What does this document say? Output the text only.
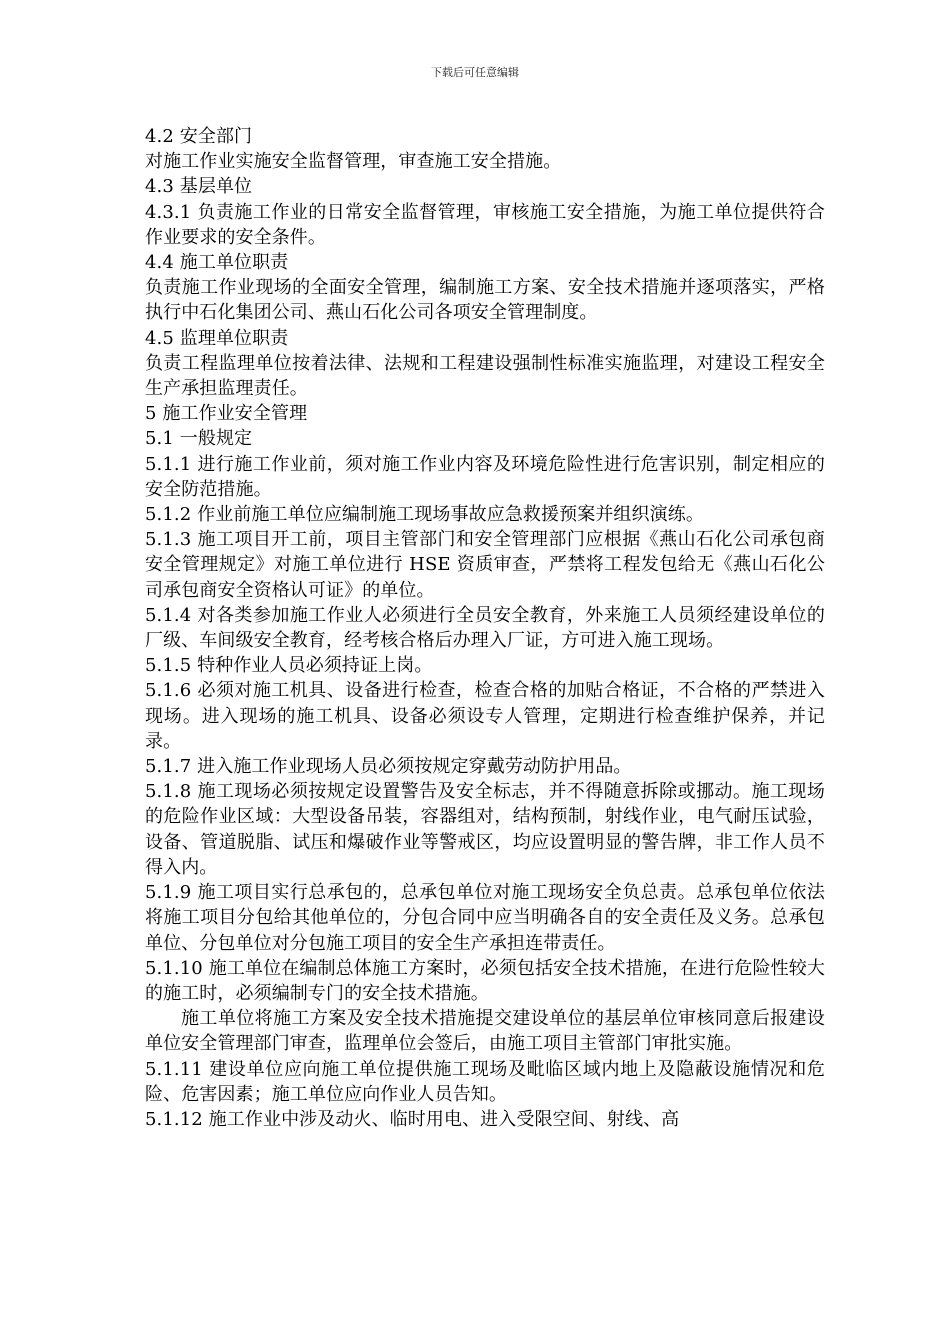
下载后可任意编辑

4.2 安全部门

对施工作业实施安全监督管理，审查施工安全措施。

4.3 基层单位

4.3.1 负责施工作业的日常安全监督管理，审核施工安全措施，为施工单位提供符合作业要求的安全条件。

4.4 施工单位职责

负责施工作业现场的全面安全管理，编制施工方案、安全技术措施并逐项落实，严格执行中石化集团公司、燕山石化公司各项安全管理制度。

4.5 监理单位职责

负责工程监理单位按着法律、法规和工程建设强制性标准实施监理，对建设工程安全生产承担监理责任。

5 施工作业安全管理

5.1 一般规定

5.1.1 进行施工作业前，须对施工作业内容及环境危险性进行危害识别，制定相应的安全防范措施。

5.1.2 作业前施工单位应编制施工现场事故应急救援预案并组织演练。

5.1.3 施工项目开工前，项目主管部门和安全管理部门应根据《燕山石化公司承包商安全管理规定》对施工单位进行 HSE 资质审查，严禁将工程发包给无《燕山石化公司承包商安全资格认可证》的单位。

5.1.4 对各类参加施工作业人必须进行全员安全教育，外来施工人员须经建设单位的厂级、车间级安全教育，经考核合格后办理入厂证，方可进入施工现场。

5.1.5 特种作业人员必须持证上岗。

5.1.6 必须对施工机具、设备进行检查，检查合格的加贴合格证，不合格的严禁进入现场。进入现场的施工机具、设备必须设专人管理，定期进行检查维护保养，并记录。

5.1.7 进入施工作业现场人员必须按规定穿戴劳动防护用品。

5.1.8 施工现场必须按规定设置警告及安全标志，并不得随意拆除或挪动。施工现场的危险作业区域：大型设备吊装，容器组对，结构预制，射线作业，电气耐压试验，设备、管道脱脂、试压和爆破作业等警戒区，均应设置明显的警告牌，非工作人员不得入内。

5.1.9 施工项目实行总承包的，总承包单位对施工现场安全负总责。总承包单位依法将施工项目分包给其他单位的，分包合同中应当明确各自的安全责任及义务。总承包单位、分包单位对分包施工项目的安全生产承担连带责任。

5.1.10 施工单位在编制总体施工方案时，必须包括安全技术措施，在进行危险性较大的施工时，必须编制专门的安全技术措施。

施工单位将施工方案及安全技术措施提交建设单位的基层单位审核同意后报建设单位安全管理部门审查，监理单位会签后，由施工项目主管部门审批实施。

5.1.11 建设单位应向施工单位提供施工现场及毗临区域内地上及隐蔽设施情况和危险、危害因素；施工单位应向作业人员告知。

5.1.12 施工作业中涉及动火、临时用电、进入受限空间、射线、高
